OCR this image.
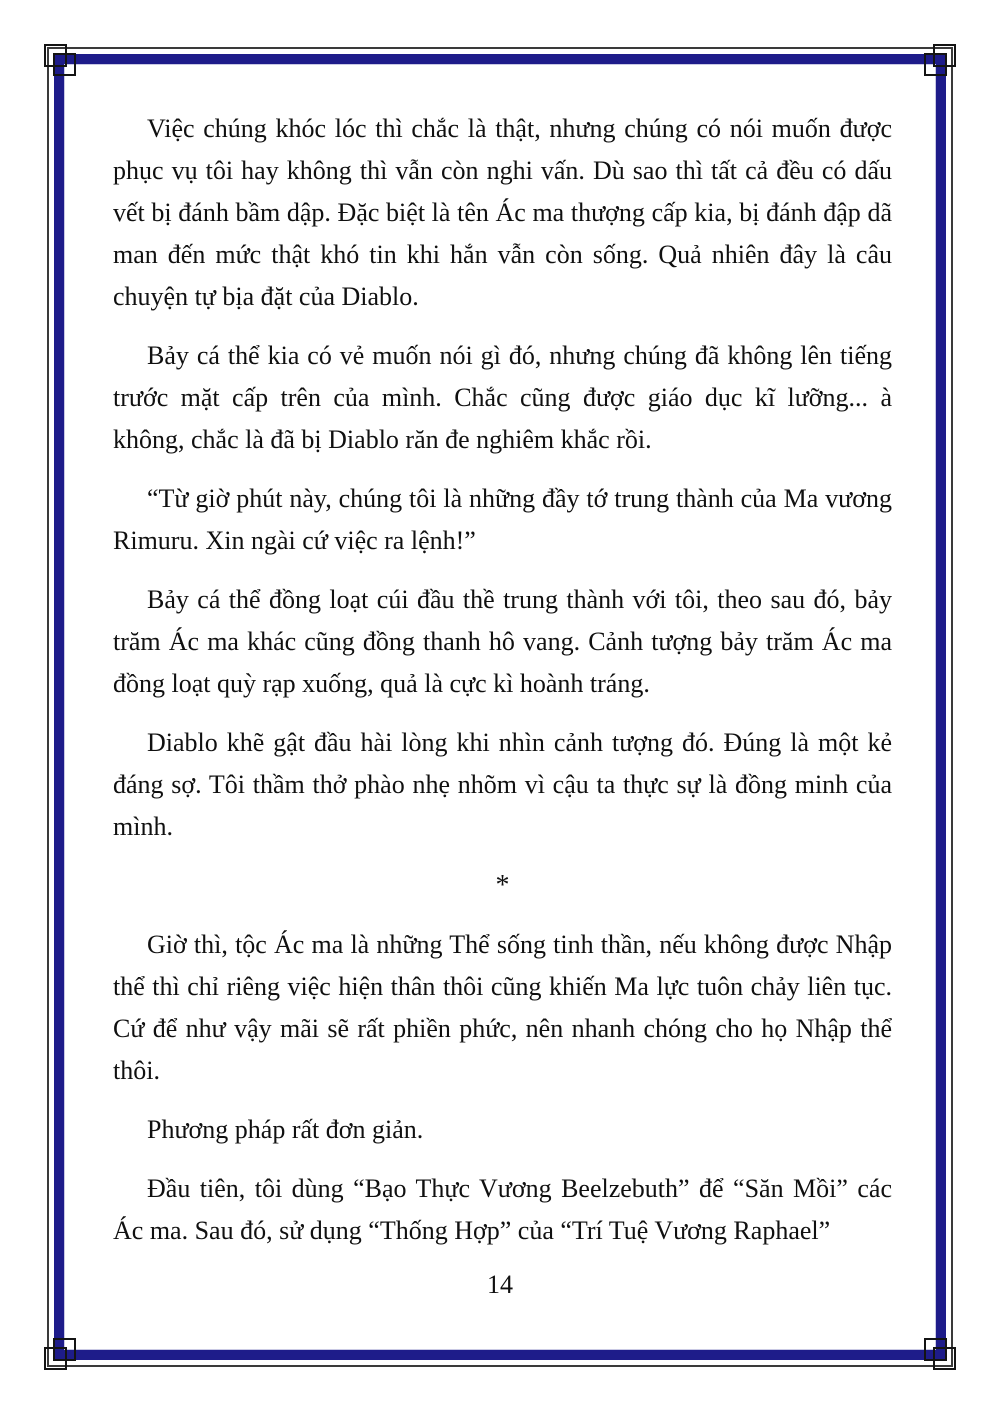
Việc chúng khóc lóc thì chắc là thật, nhưng chúng có nói muốn được phục vụ tôi hay không thì vẫn còn nghi vấn. Dù sao thì tất cả đều có dấu vết bị đánh bầm dập. Đặc biệt là tên Ác ma thượng cấp kia, bị đánh đập dã man đến mức thật khó tin khi hắn vẫn còn sống. Quả nhiên đây là câu chuyện tự bịa đặt của Diablo.

Bảy cá thể kia có vẻ muốn nói gì đó, nhưng chúng đã không lên tiếng trước mặt cấp trên của mình. Chắc cũng được giáo dục kĩ lưỡng... à không, chắc là đã bị Diablo răn đe nghiêm khắc rồi.

“Từ giờ phút này, chúng tôi là những đầy tớ trung thành của Ma vương Rimuru. Xin ngài cứ việc ra lệnh!”

Bảy cá thể đồng loạt cúi đầu thề trung thành với tôi, theo sau đó, bảy trăm Ác ma khác cũng đồng thanh hô vang. Cảnh tượng bảy trăm Ác ma đồng loạt quỳ rạp xuống, quả là cực kì hoành tráng.

Diablo khẽ gật đầu hài lòng khi nhìn cảnh tượng đó. Đúng là một kẻ đáng sợ. Tôi thầm thở phào nhẹ nhõm vì cậu ta thực sự là đồng minh của mình.

*

Giờ thì, tộc Ác ma là những Thể sống tinh thần, nếu không được Nhập thể thì chỉ riêng việc hiện thân thôi cũng khiến Ma lực tuôn chảy liên tục. Cứ để như vậy mãi sẽ rất phiền phức, nên nhanh chóng cho họ Nhập thể thôi.

Phương pháp rất đơn giản.

Đầu tiên, tôi dùng “Bạo Thực Vương Beelzebuth” để “Săn Mồi” các Ác ma. Sau đó, sử dụng “Thống Hợp” của “Trí Tuệ Vương Raphael”

14
